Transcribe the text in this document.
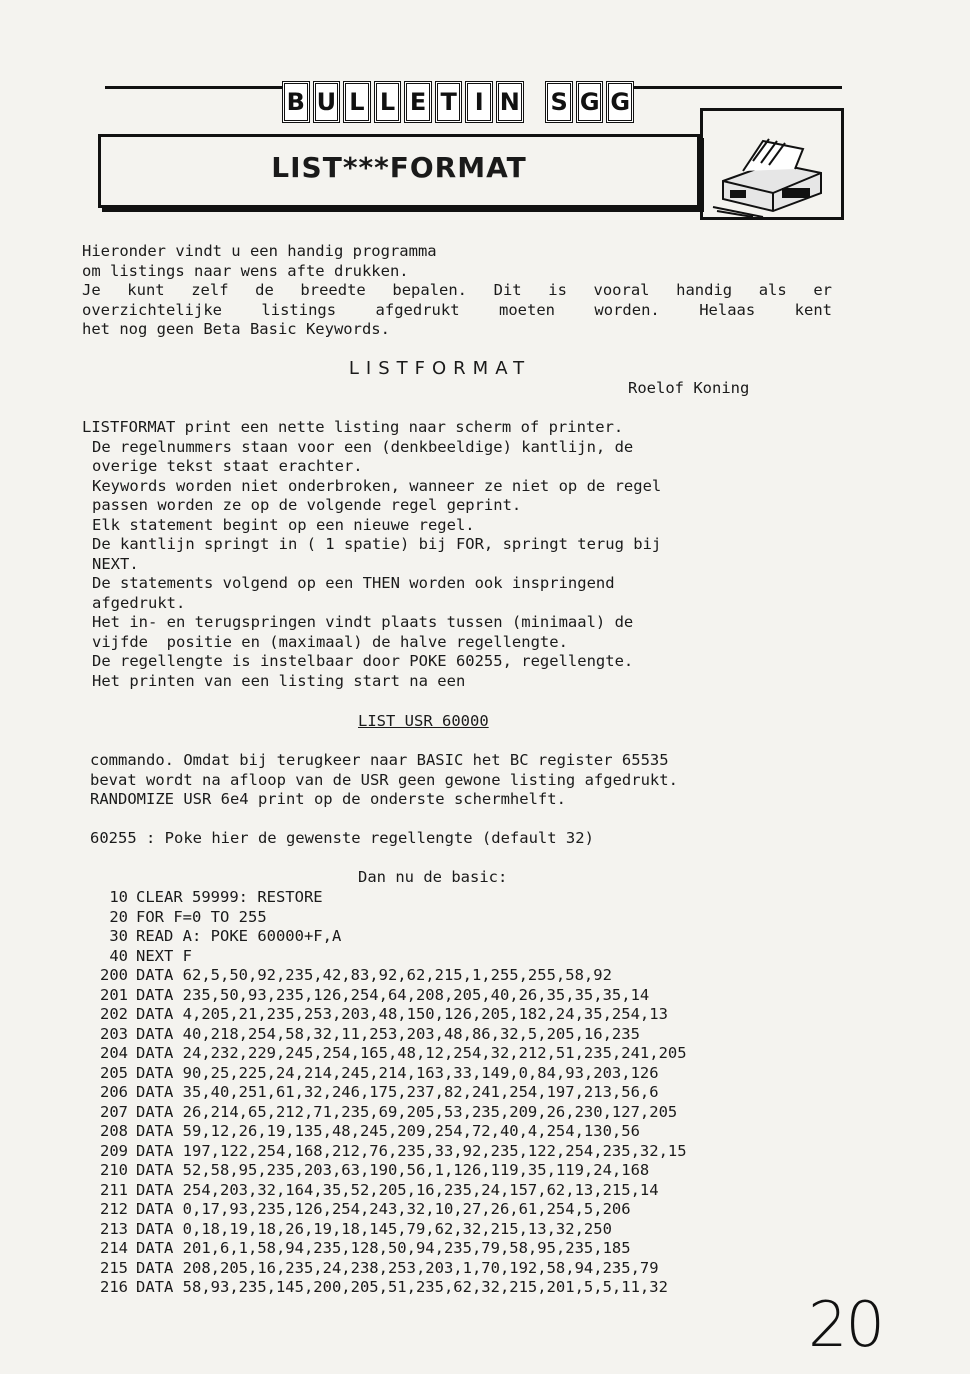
B U L L E T I N S G G
LIST***FORMAT
Hieronder vindt u een handig programma
om listings naar wens afte drukken.
Je kunt zelf de breedte bepalen. Dit is vooral handig als er
overzichtelijke listings afgedrukt moeten worden. Helaas kent
het nog geen Beta Basic Keywords.
LISTFORMAT
Roelof Koning
LISTFORMAT print een nette listing naar scherm of printer.
De regelnummers staan voor een (denkbeeldige) kantlijn, de
overige tekst staat erachter.
Keywords worden niet onderbroken, wanneer ze niet op de regel
passen worden ze op de volgende regel geprint.
Elk statement begint op een nieuwe regel.
De kantlijn springt in ( 1 spatie) bij FOR, springt terug bij
NEXT.
De statements volgend op een THEN worden ook inspringend
afgedrukt.
Het in- en terugspringen vindt plaats tussen (minimaal) de
vijfde  positie en (maximaal) de halve regellengte.
De regellengte is instelbaar door POKE 60255, regellengte.
Het printen van een listing start na een
LIST USR 60000
commando. Omdat bij terugkeer naar BASIC het BC register 65535
bevat wordt na afloop van de USR geen gewone listing afgedrukt.
RANDOMIZE USR 6e4 print op de onderste schermhelft.
60255 : Poke hier de gewenste regellengte (default 32)
Dan nu de basic:
10 CLEAR 59999: RESTORE
20 FOR F=0 TO 255
30 READ A: POKE 60000+F,A
40 NEXT F
200 DATA 62,5,50,92,235,42,83,92,62,215,1,255,255,58,92
201 DATA 235,50,93,235,126,254,64,208,205,40,26,35,35,35,14
202 DATA 4,205,21,235,253,203,48,150,126,205,182,24,35,254,13
203 DATA 40,218,254,58,32,11,253,203,48,86,32,5,205,16,235
204 DATA 24,232,229,245,254,165,48,12,254,32,212,51,235,241,205
205 DATA 90,25,225,24,214,245,214,163,33,149,0,84,93,203,126
206 DATA 35,40,251,61,32,246,175,237,82,241,254,197,213,56,6
207 DATA 26,214,65,212,71,235,69,205,53,235,209,26,230,127,205
208 DATA 59,12,26,19,135,48,245,209,254,72,40,4,254,130,56
209 DATA 197,122,254,168,212,76,235,33,92,235,122,254,235,32,15
210 DATA 52,58,95,235,203,63,190,56,1,126,119,35,119,24,168
211 DATA 254,203,32,164,35,52,205,16,235,24,157,62,13,215,14
212 DATA 0,17,93,235,126,254,243,32,10,27,26,61,254,5,206
213 DATA 0,18,19,18,26,19,18,145,79,62,32,215,13,32,250
214 DATA 201,6,1,58,94,235,128,50,94,235,79,58,95,235,185
215 DATA 208,205,16,235,24,238,253,203,1,70,192,58,94,235,79
216 DATA 58,93,235,145,200,205,51,235,62,32,215,201,5,5,11,32
20
